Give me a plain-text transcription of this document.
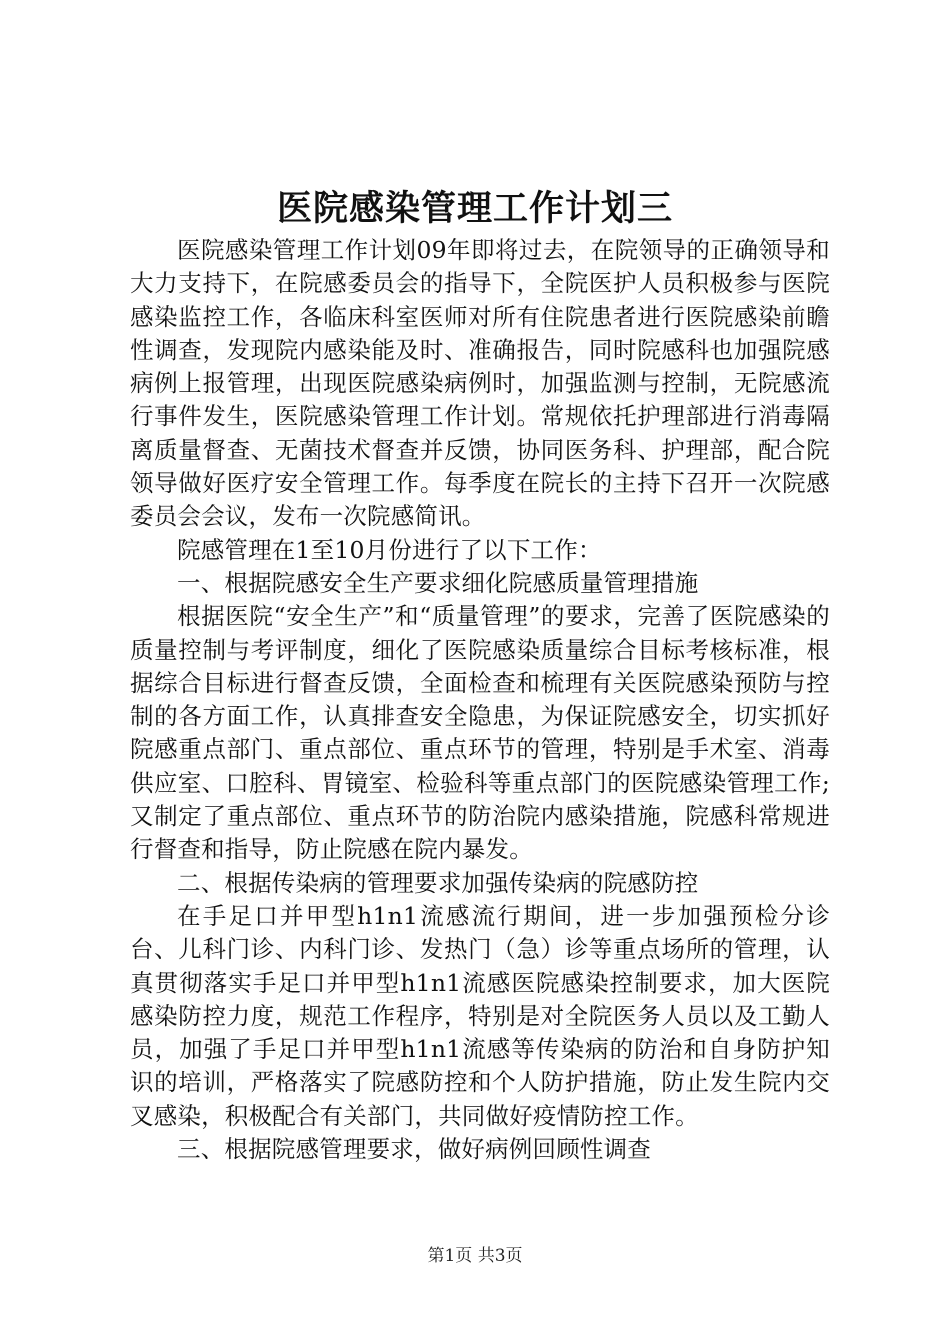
医院感染管理工作计划三

医院感染管理工作计划09年即将过去，在院领导的正确领导和大力支持下，在院感委员会的指导下，全院医护人员积极参与医院感染监控工作，各临床科室医师对所有住院患者进行医院感染前瞻性调查，发现院内感染能及时、准确报告，同时院感科也加强院感病例上报管理，出现医院感染病例时，加强监测与控制，无院感流行事件发生，医院感染管理工作计划。常规依托护理部进行消毒隔离质量督查、无菌技术督查并反馈，协同医务科、护理部，配合院领导做好医疗安全管理工作。每季度在院长的主持下召开一次院感委员会会议，发布一次院感简讯。

院感管理在1至10月份进行了以下工作：

一、根据院感安全生产要求细化院感质量管理措施

根据医院“安全生产”和“质量管理”的要求，完善了医院感染的质量控制与考评制度，细化了医院感染质量综合目标考核标准，根据综合目标进行督查反馈，全面检查和梳理有关医院感染预防与控制的各方面工作，认真排查安全隐患，为保证院感安全，切实抓好院感重点部门、重点部位、重点环节的管理，特别是手术室、消毒供应室、口腔科、胃镜室、检验科等重点部门的医院感染管理工作;又制定了重点部位、重点环节的防治院内感染措施，院感科常规进行督查和指导，防止院感在院内暴发。

二、根据传染病的管理要求加强传染病的院感防控

在手足口并甲型h1n1流感流行期间，进一步加强预检分诊台、儿科门诊、内科门诊、发热门（急）诊等重点场所的管理，认真贯彻落实手足口并甲型h1n1流感医院感染控制要求，加大医院感染防控力度，规范工作程序，特别是对全院医务人员以及工勤人员，加强了手足口并甲型h1n1流感等传染病的防治和自身防护知识的培训，严格落实了院感防控和个人防护措施，防止发生院内交叉感染，积极配合有关部门，共同做好疫情防控工作。

三、根据院感管理要求，做好病例回顾性调查

第1页 共3页
